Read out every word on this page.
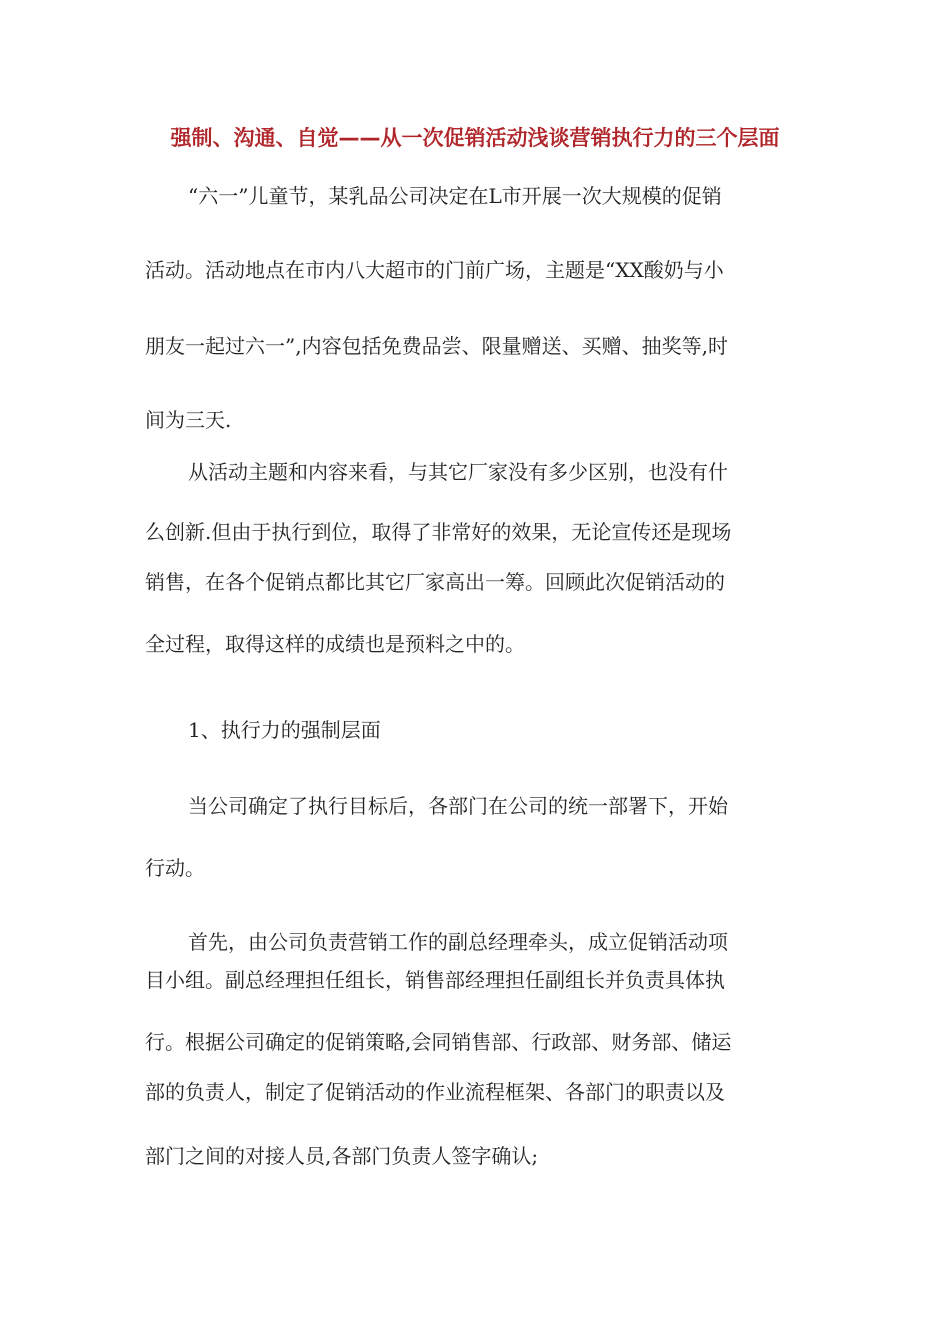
强制、沟通、自觉——从一次促销活动浅谈营销执行力的三个层面
“六一”儿童节，某乳品公司决定在L市开展一次大规模的促销
活动。活动地点在市内八大超市的门前广场，主题是“XX酸奶与小
朋友一起过六一”,内容包括免费品尝、限量赠送、买赠、抽奖等,时
间为三天.
从活动主题和内容来看，与其它厂家没有多少区别，也没有什
么创新.但由于执行到位，取得了非常好的效果，无论宣传还是现场
销售，在各个促销点都比其它厂家高出一筹。回顾此次促销活动的
全过程，取得这样的成绩也是预料之中的。
1、执行力的强制层面
当公司确定了执行目标后，各部门在公司的统一部署下，开始
行动。
首先，由公司负责营销工作的副总经理牵头，成立促销活动项
目小组。副总经理担任组长，销售部经理担任副组长并负责具体执
行。根据公司确定的促销策略,会同销售部、行政部、财务部、储运
部的负责人，制定了促销活动的作业流程框架、各部门的职责以及
部门之间的对接人员,各部门负责人签字确认;
